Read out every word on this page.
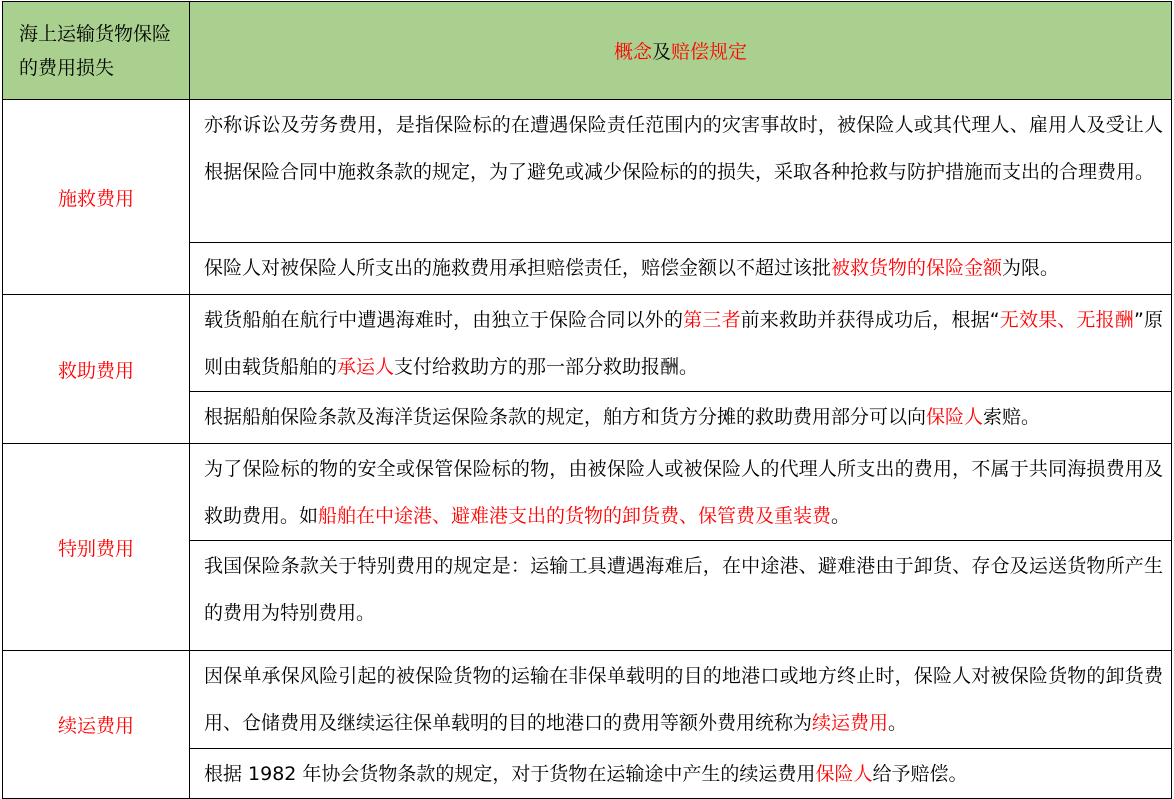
海上运输货物保险的费用损失	概念及赔偿规定
施救费用	亦称诉讼及劳务费用，是指保险标的在遭遇保险责任范围内的灾害事故时，被保险人或其代理人、雇用人及受让人根据保险合同中施救条款的规定，为了避免或减少保险标的的损失，采取各种抢救与防护措施而支出的合理费用。
	保险人对被保险人所支出的施救费用承担赔偿责任，赔偿金额以不超过该批被救货物的保险金额为限。
救助费用	载货船舶在航行中遭遇海难时，由独立于保险合同以外的第三者前来救助并获得成功后，根据“无效果、无报酬”原则由载货船舶的承运人支付给救助方的那一部分救助报酬。
	根据船舶保险条款及海洋货运保险条款的规定，舶方和货方分摊的救助费用部分可以向保险人索赔。
特别费用	为了保险标的物的安全或保管保险标的物，由被保险人或被保险人的代理人所支出的费用，不属于共同海损费用及救助费用。如船舶在中途港、避难港支出的货物的卸货费、保管费及重装费。
	我国保险条款关于特别费用的规定是：运输工具遭遇海难后，在中途港、避难港由于卸货、存仓及运送货物所产生的费用为特别费用。
续运费用	因保单承保风险引起的被保险货物的运输在非保单载明的目的地港口或地方终止时，保险人对被保险货物的卸货费用、仓储费用及继续运往保单载明的目的地港口的费用等额外费用统称为续运费用。
	根据 1982 年协会货物条款的规定，对于货物在运输途中产生的续运费用保险人给予赔偿。
